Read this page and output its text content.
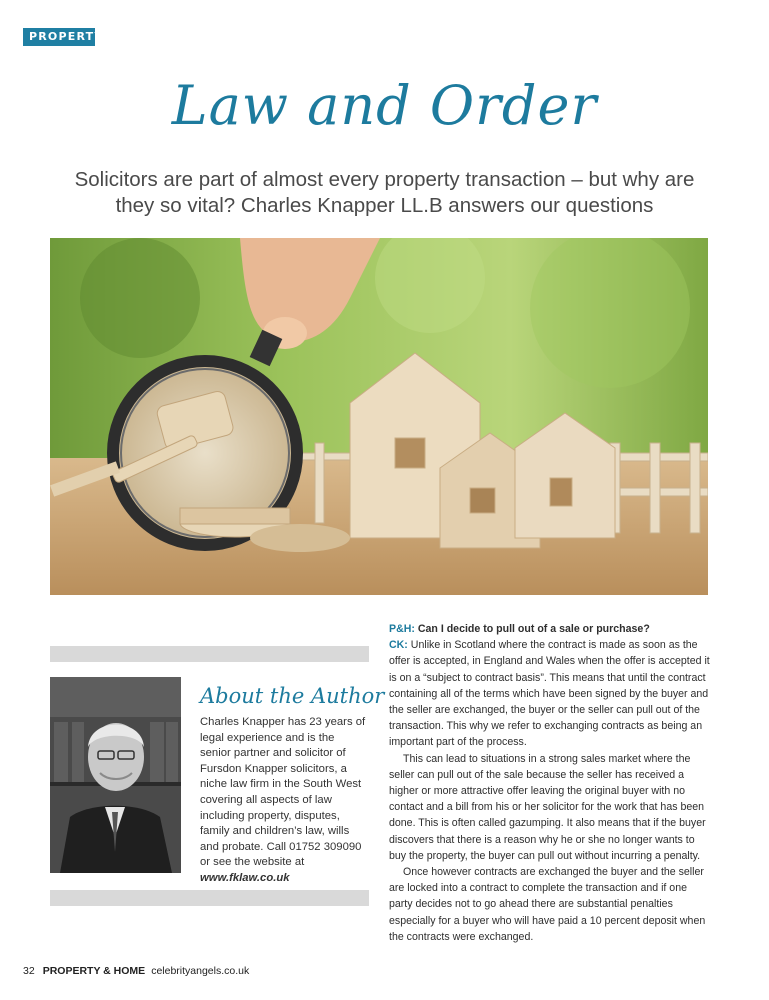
PROPERTY
Law and Order
Solicitors are part of almost every property transaction – but why are they so vital? Charles Knapper LL.B answers our questions
About the Author
Charles Knapper has 23 years of legal experience and is the senior partner and solicitor of Fursdon Knapper solicitors, a niche law firm in the South West covering all aspects of law including property, disputes, family and children’s law, wills and probate. Call 01752 309090 or see the website at www.fklaw.co.uk

P&H: Can I decide to pull out of a sale or purchase?

CK: Unlike in Scotland where the contract is made as soon as the offer is accepted, in England and Wales when the offer is accepted it is on a “subject to contract basis”. This means that until the contract containing all of the terms which have been signed by the buyer and the seller are exchanged, the buyer or the seller can pull out of the transaction. This why we refer to exchanging contracts as being an important part of the process.

This can lead to situations in a strong sales market where the seller can pull out of the sale because the seller has received a higher or more attractive offer leaving the original buyer with no contact and a bill from his or her solicitor for the work that has been done. This is often called gazumping. It also means that if the buyer discovers that there is a reason why he or she no longer wants to buy the property, the buyer can pull out without incurring a penalty.

Once however contracts are exchanged the buyer and the seller are locked into a contract to complete the transaction and if one party decides not to go ahead there are substantial penalties especially for a buyer who will have paid a 10 percent deposit when the contracts were exchanged.

32 PROPERTY & HOME celebrityangels.co.uk
